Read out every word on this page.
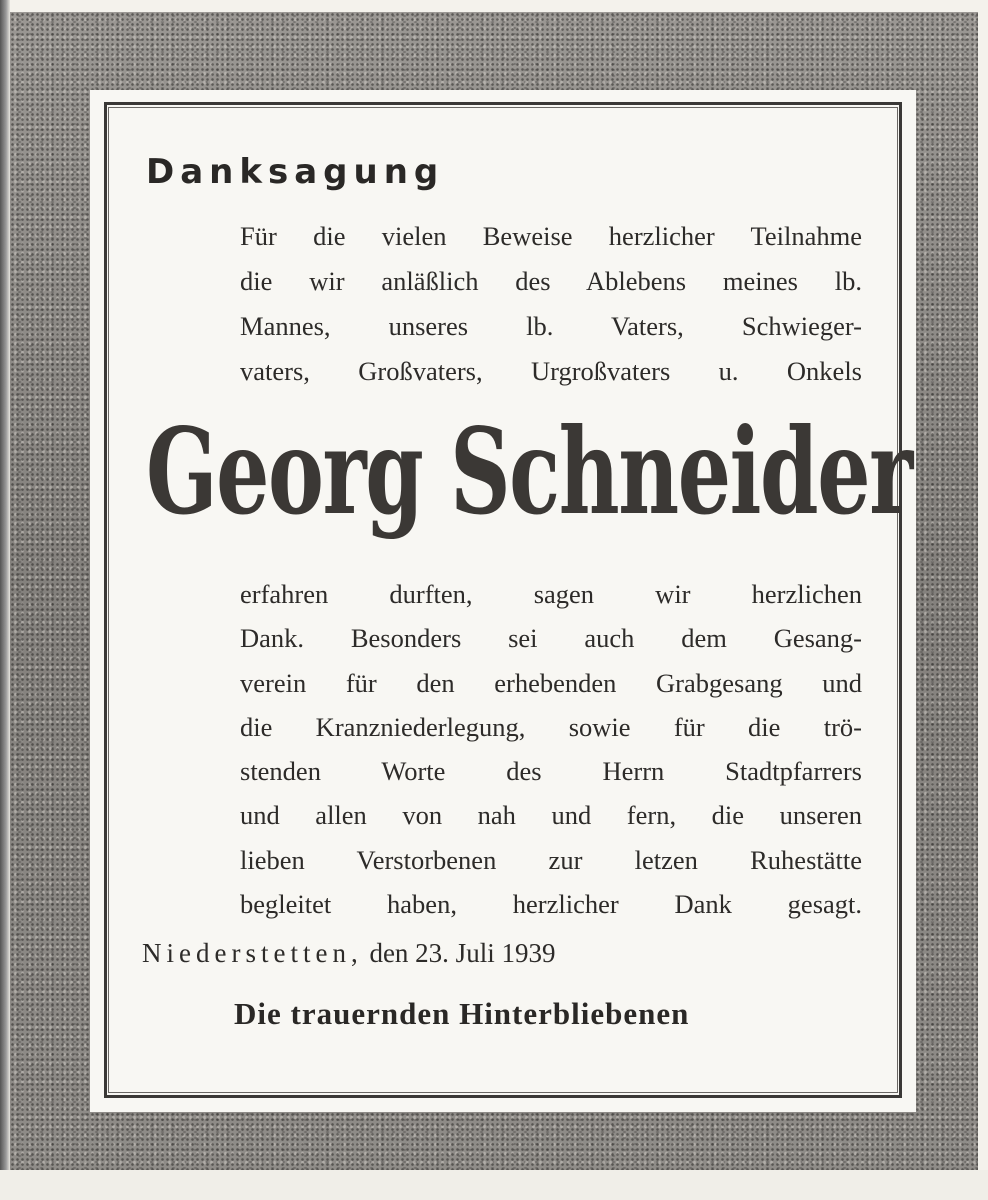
Danksagung
Für die vielen Beweise herzlicher Teilnahme
die wir anläßlich des Ablebens meines lb.
Mannes, unseres lb. Vaters, Schwieger-
vaters, Großvaters, Urgroßvaters u. Onkels
Georg Schneider
erfahren durften, sagen wir herzlichen
Dank. Besonders sei auch dem Gesang-
verein für den erhebenden Grabgesang und
die Kranzniederlegung, sowie für die trö-
stenden Worte des Herrn Stadtpfarrers
und allen von nah und fern, die unseren
lieben Verstorbenen zur letzen Ruhestätte
begleitet haben, herzlicher Dank gesagt.
Niederstetten, den 23. Juli 1939
Die trauernden Hinterbliebenen
